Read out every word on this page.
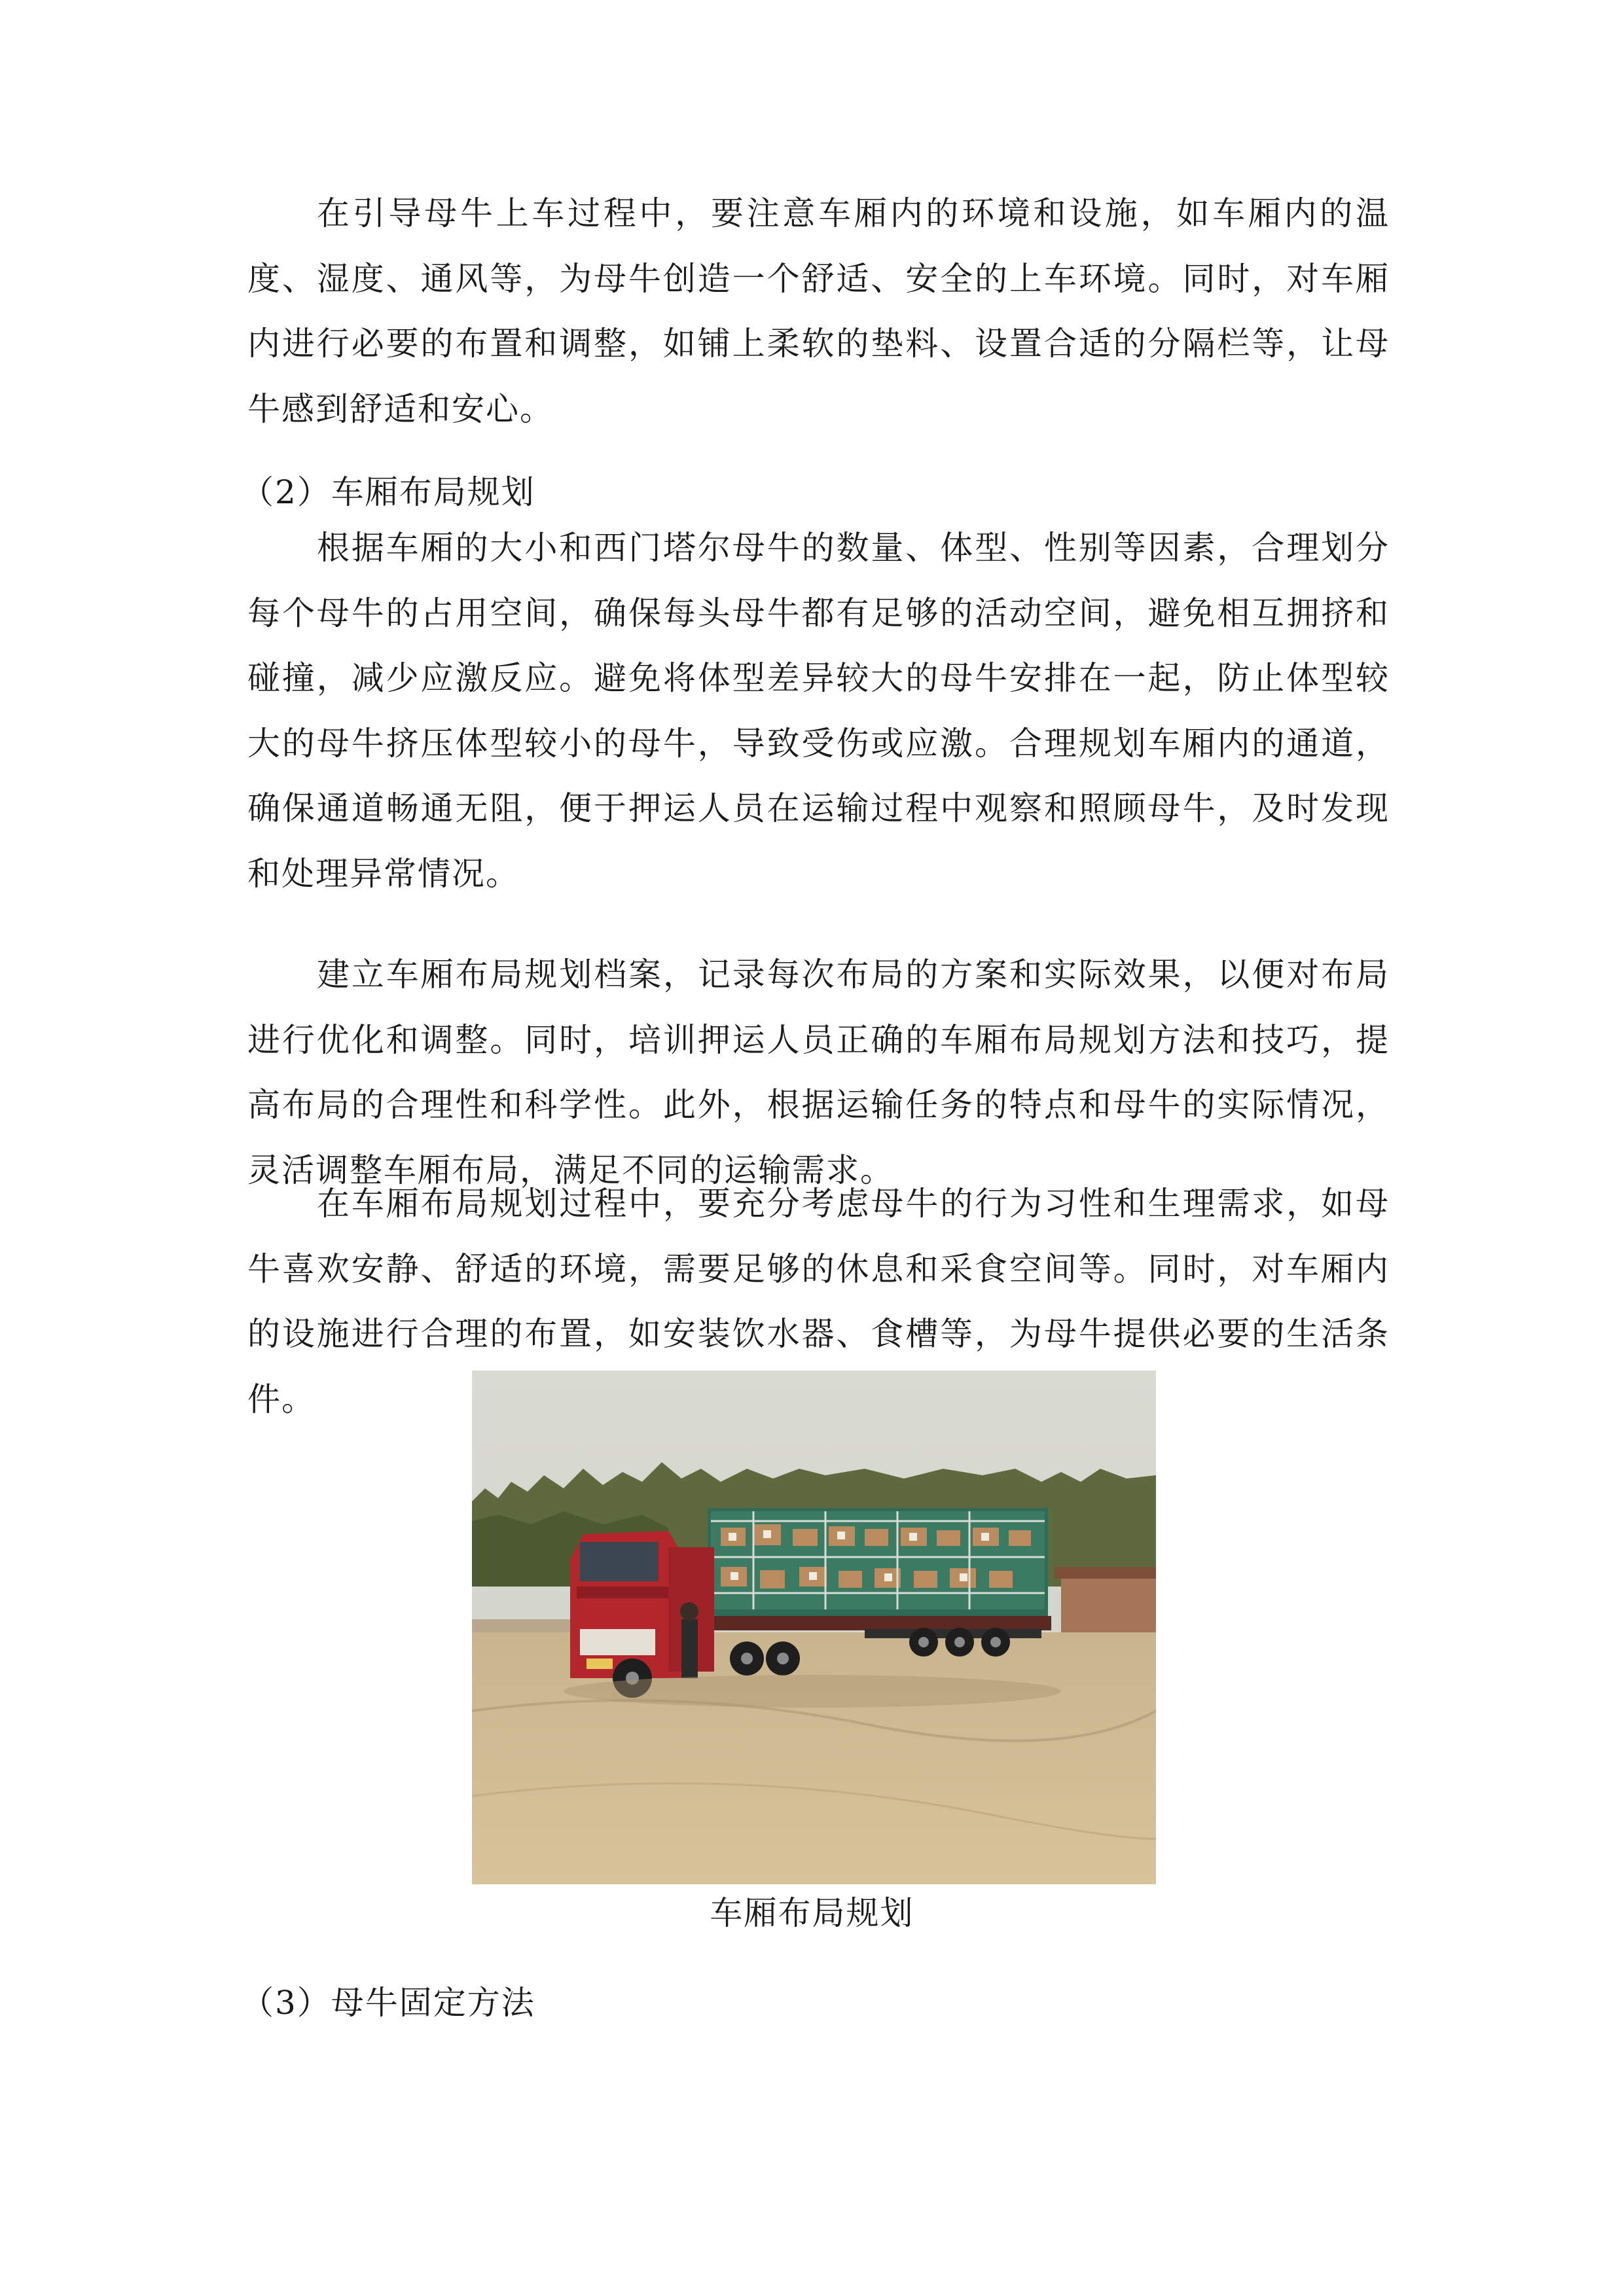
在引导母牛上车过程中，要注意车厢内的环境和设施，如车厢内的温度、湿度、通风等，为母牛创造一个舒适、安全的上车环境。同时，对车厢内进行必要的布置和调整，如铺上柔软的垫料、设置合适的分隔栏等，让母牛感到舒适和安心。

（2）车厢布局规划

根据车厢的大小和西门塔尔母牛的数量、体型、性别等因素，合理划分每个母牛的占用空间，确保每头母牛都有足够的活动空间，避免相互拥挤和碰撞，减少应激反应。避免将体型差异较大的母牛安排在一起，防止体型较大的母牛挤压体型较小的母牛，导致受伤或应激。合理规划车厢内的通道，确保通道畅通无阻，便于押运人员在运输过程中观察和照顾母牛，及时发现和处理异常情况。

建立车厢布局规划档案，记录每次布局的方案和实际效果，以便对布局进行优化和调整。同时，培训押运人员正确的车厢布局规划方法和技巧，提高布局的合理性和科学性。此外，根据运输任务的特点和母牛的实际情况，灵活调整车厢布局，满足不同的运输需求。

在车厢布局规划过程中，要充分考虑母牛的行为习性和生理需求，如母牛喜欢安静、舒适的环境，需要足够的休息和采食空间等。同时，对车厢内的设施进行合理的布置，如安装饮水器、食槽等，为母牛提供必要的生活条件。

车厢布局规划

（3）母牛固定方法
